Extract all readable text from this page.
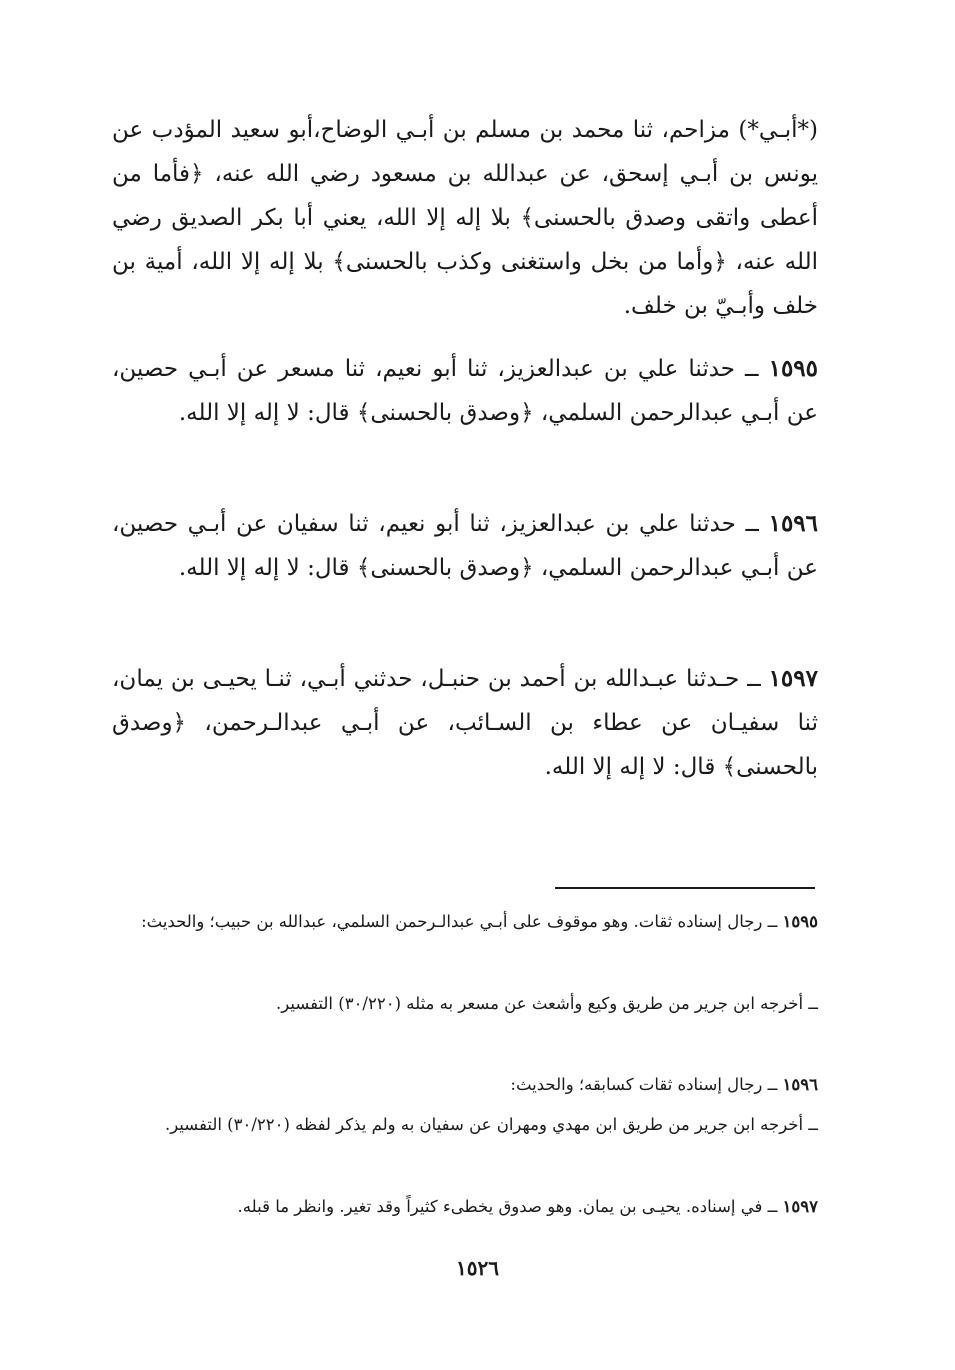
(*أبـي*) مزاحم، ثنا محمد بن مسلم بن أبـي الوضاح،أبو سعيد المؤدب عن يونس بن أبـي إسحق، عن عبدالله بن مسعود رضي الله عنه، ﴿فأما من أعطى واتقى وصدق بالحسنى﴾ بلا إله إلا الله، يعني أبا بكر الصديق رضي الله عنه، ﴿وأما من بخل واستغنى وكذب بالحسنى﴾ بلا إله إلا الله، أمية بن خلف وأبـيّ بن خلف.

١٥٩٥ ــ حدثنا علي بن عبدالعزيز، ثنا أبو نعيم، ثنا مسعر عن أبـي حصين، عن أبـي عبدالرحمن السلمي، ﴿وصدق بالحسنى﴾ قال: لا إله إلا الله.

١٥٩٦ ــ حدثنا علي بن عبدالعزيز، ثنا أبو نعيم، ثنا سفيان عن أبـي حصين، عن أبـي عبدالرحمن السلمي، ﴿وصدق بالحسنى﴾ قال: لا إله إلا الله.

١٥٩٧ ــ حـدثنا عبـدالله بن أحمد بن حنبـل، حدثني أبـي، ثنـا يحيـى بن يمان، ثنا سفيـان عن عطاء بن السـائب، عن أبـي عبدالـرحمن، ﴿وصدق بالحسنى﴾ قال: لا إله إلا الله.

١٥٩٥ ــ رجال إسناده ثقات. وهو موقوف على أبـي عبدالـرحمن السلمي، عبدالله بن حبيب؛ والحديث:

ــ أخرجه ابن جرير من طريق وكيع وأشعث عن مسعر به مثله (٣٠/٢٢٠) التفسير.

١٥٩٦ ــ رجال إسناده ثقات كسابقه؛ والحديث:

ــ أخرجه ابن جرير من طريق ابن مهدي ومهران عن سفيان به ولم يذكر لفظه (٣٠/٢٢٠) التفسير.

١٥٩٧ ــ في إسناده. يحيـى بن يمان. وهو صدوق يخطىء كثيراً وقد تغير. وانظر ما قبله.

١٥٢٦
